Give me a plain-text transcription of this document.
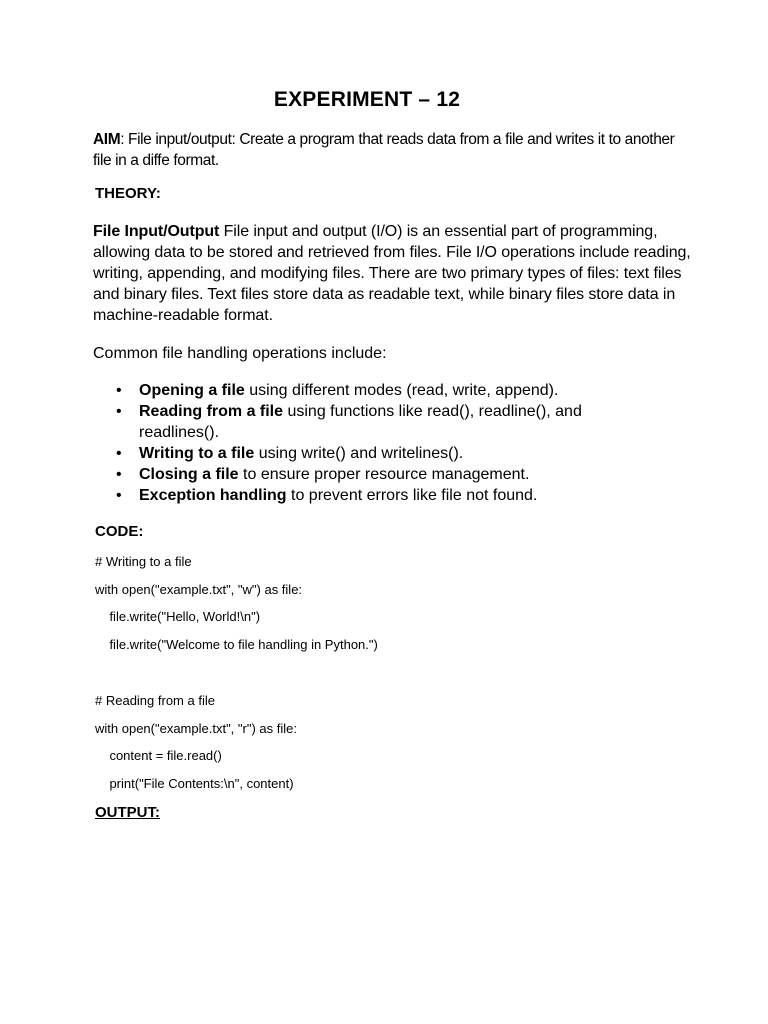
EXPERIMENT – 12
AIM: File input/output: Create a program that reads data from a file and writes it to another file in a diffe format.
THEORY:
File Input/Output File input and output (I/O) is an essential part of programming, allowing data to be stored and retrieved from files. File I/O operations include reading, writing, appending, and modifying files. There are two primary types of files: text files and binary files. Text files store data as readable text, while binary files store data in machine-readable format.
Common file handling operations include:
• Opening a file using different modes (read, write, append).
• Reading from a file using functions like read(), readline(), and readlines().
• Writing to a file using write() and writelines().
• Closing a file to ensure proper resource management.
• Exception handling to prevent errors like file not found.
CODE:
# Writing to a file
with open("example.txt", "w") as file:
file.write("Hello, World!\n")
file.write("Welcome to file handling in Python.")
# Reading from a file
with open("example.txt", "r") as file:
content = file.read()
print("File Contents:\n", content)
OUTPUT:
